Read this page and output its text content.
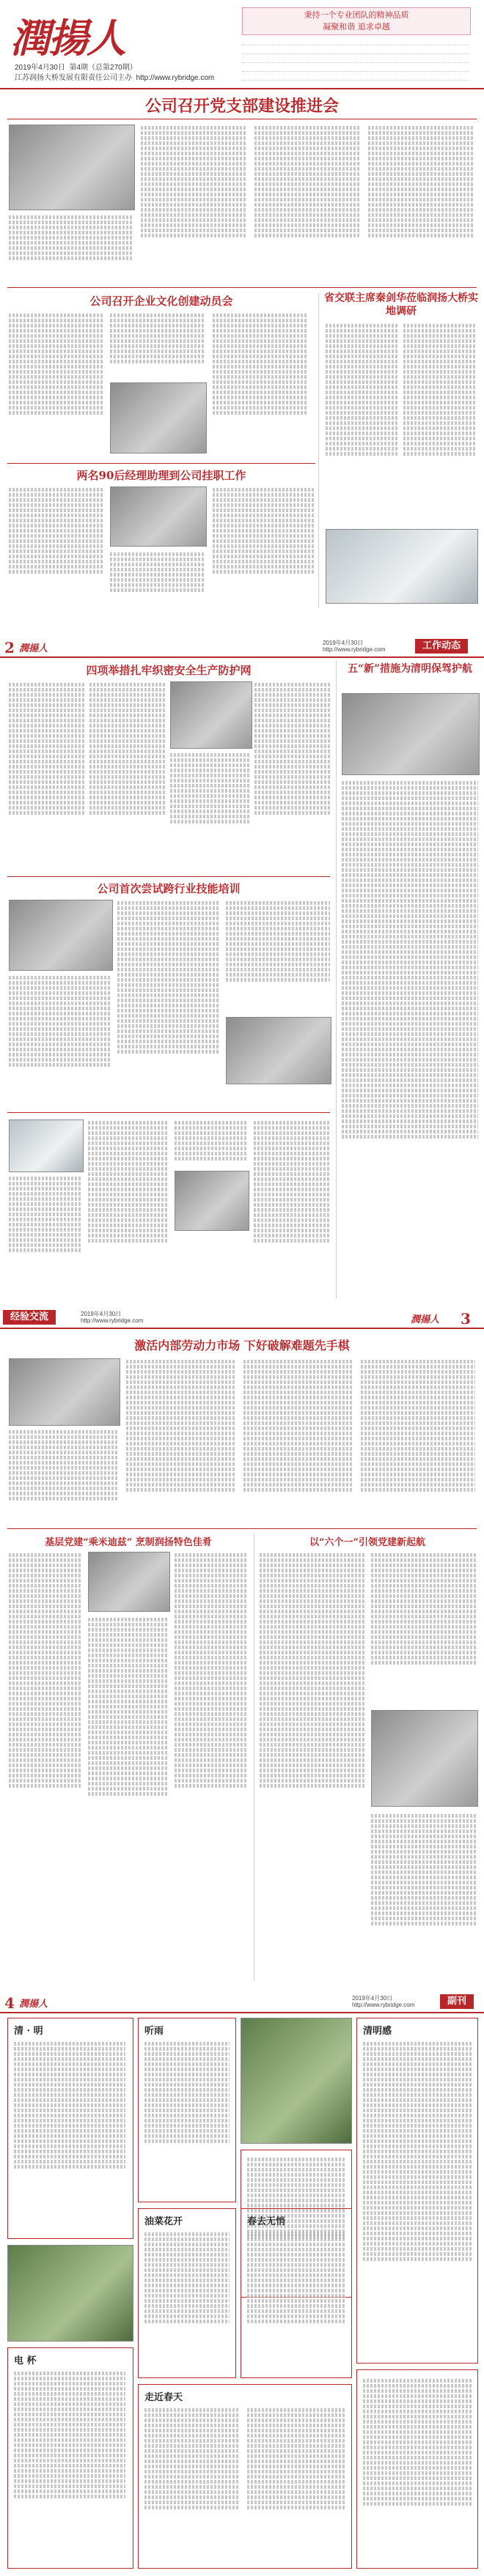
潤揚人
2019年4月30日 第4期（总第270期）
江苏润扬大桥发展有限责任公司主办 http://www.rybridge.com
秉持一个专业团队的精神品质
凝聚和谐 追求卓越
公司召开党支部建设推进会
公司召开企业文化创建动员会	省交联主席秦剑华莅临润扬大桥实地调研
两名90后经理助理到公司挂职工作
2 潤揚人
2019年4月30日
http://www.rybridge.com	工作动态
四项举措扎牢织密安全生产防护网	五“新”措施为清明保驾护航
公司首次尝试跨行业技能培训
经验交流	2019年4月30日
http://www.rybridge.com	潤揚人 3
激活内部劳动力市场 下好破解难题先手棋
基层党建“乘米迪兹” 烹制润扬特色佳肴	以“六个一”引领党建新起航
4 潤揚人
2019年4月30日
http://www.rybridge.com	副刊
清 · 明	听雨	清明感
油菜花开	春去无悄
电 杯
走近春天
